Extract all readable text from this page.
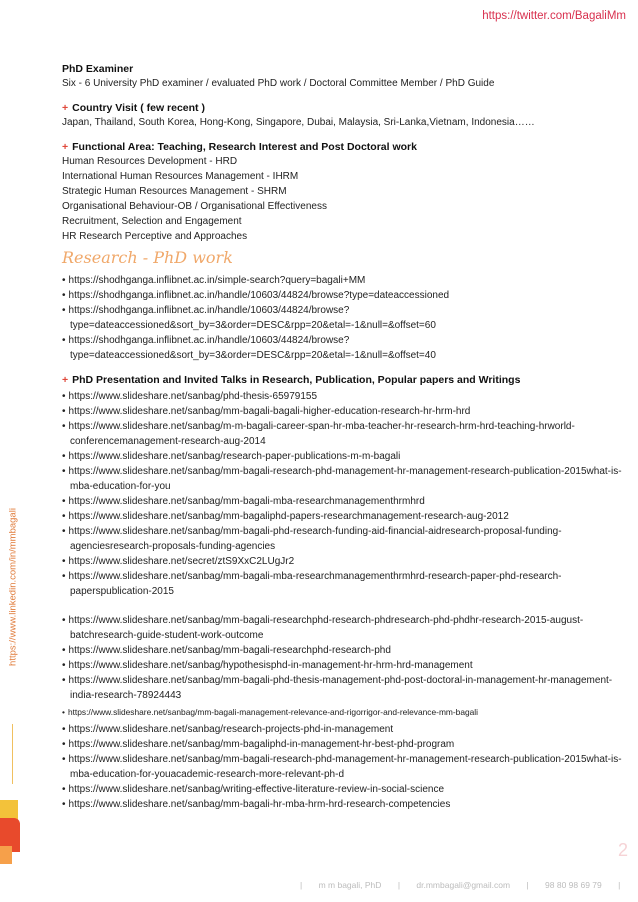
https://twitter.com/BagaliMm
https://www.linkedin.com/in/mmbagali

PhD Examiner

Six - 6 University PhD examiner / evaluated PhD work / Doctoral Committee Member / PhD Guide

+ Country Visit ( few recent )

Japan, Thailand, South Korea, Hong-Kong, Singapore, Dubai, Malaysia, Sri-Lanka,Vietnam, Indonesia……

+ Functional Area: Teaching, Research Interest and Post Doctoral work

Human Resources Development - HRD

International Human Resources Management - IHRM

Strategic Human Resources Management - SHRM

Organisational Behaviour-OB / Organisational Effectiveness

Recruitment, Selection and Engagement

HR Research Perceptive and Approaches

Research - PhD work
• https://shodhganga.inflibnet.ac.in/simple-search?query=bagali+MM
• https://shodhganga.inflibnet.ac.in/handle/10603/44824/browse?type=dateaccessioned
• https://shodhganga.inflibnet.ac.in/handle/10603/44824/browse?type=dateaccessioned&sort_by=3&order=DESC&rpp=20&etal=-1&null=&offset=60
• https://shodhganga.inflibnet.ac.in/handle/10603/44824/browse?type=dateaccessioned&sort_by=3&order=DESC&rpp=20&etal=-1&null=&offset=40

+ PhD Presentation and Invited Talks in Research, Publication, Popular papers and Writings

• https://www.slideshare.net/sanbag/phd-thesis-65979155
• https://www.slideshare.net/sanbag/mm-bagali-bagali-higher-education-research-hr-hrm-hrd
• https://www.slideshare.net/sanbag/m-m-bagali-career-span-hr-mba-teacher-hr-research-hrm-hrd-teaching-hrworld-conferencemanagement-research-aug-2014
• https://www.slideshare.net/sanbag/research-paper-publications-m-m-bagali
• https://www.slideshare.net/sanbag/mm-bagali-research-phd-management-hr-management-research-publication-2015what-is-mba-education-for-you
• https://www.slideshare.net/sanbag/mm-bagali-mba-researchmanagementhrmhrd
• https://www.slideshare.net/sanbag/mm-bagaliphd-papers-researchmanagement-research-aug-2012
• https://www.slideshare.net/sanbag/mm-bagali-phd-research-funding-aid-financial-aidresearch-proposal-funding-agenciesresearch-proposals-funding-agencies
• https://www.slideshare.net/secret/ztS9XxC2LUgJr2
• https://www.slideshare.net/sanbag/mm-bagali-mba-researchmanagementhrmhrd-research-paper-phd-research-paperspublication-2015
• https://www.slideshare.net/sanbag/mm-bagali-researchphd-research-phdresearch-phd-phdhr-research-2015-august-batchresearch-guide-student-work-outcome
• https://www.slideshare.net/sanbag/mm-bagali-researchphd-research-phd
• https://www.slideshare.net/sanbag/hypothesisphd-in-management-hr-hrm-hrd-management
• https://www.slideshare.net/sanbag/mm-bagali-phd-thesis-management-phd-post-doctoral-in-management-hr-management-india-research-78924443
• https://www.slideshare.net/sanbag/mm-bagali-management-relevance-and-rigorrigor-and-relevance-mm-bagali
• https://www.slideshare.net/sanbag/research-projects-phd-in-management
• https://www.slideshare.net/sanbag/mm-bagaliphd-in-management-hr-best-phd-program
• https://www.slideshare.net/sanbag/mm-bagali-research-phd-management-hr-management-research-publication-2015what-is-mba-education-for-youacademic-research-more-relevant-ph-d
• https://www.slideshare.net/sanbag/writing-effective-literature-review-in-social-science
• https://www.slideshare.net/sanbag/mm-bagali-hr-mba-hrm-hrd-research-competencies
2
| m m bagali, PhD | dr.mmbagali@gmail.com | 98 80 98 69 79 |
